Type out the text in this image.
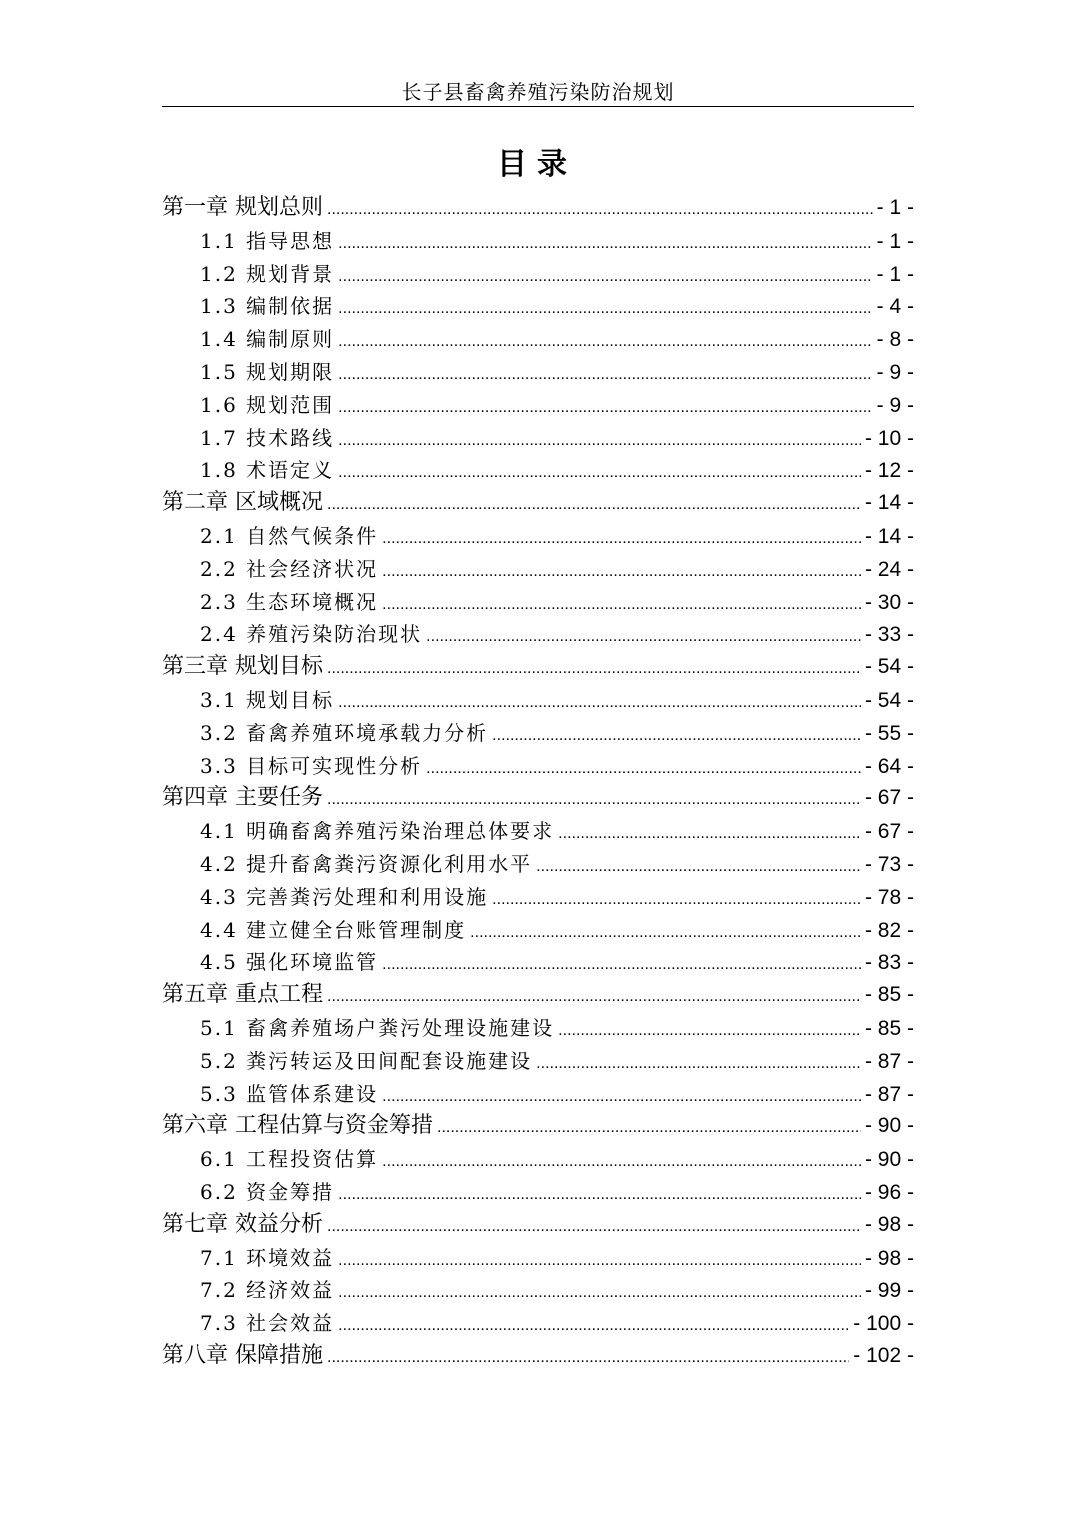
长子县畜禽养殖污染防治规划
目录
第一章 规划总则 .....	- 1 -
1.1 指导思想 .....	- 1 -
1.2 规划背景 .....	- 1 -
1.3 编制依据 .....	- 4 -
1.4 编制原则 .....	- 8 -
1.5 规划期限 .....	- 9 -
1.6 规划范围 .....	- 9 -
1.7 技术路线 .....	- 10 -
1.8 术语定义 .....	- 12 -
第二章 区域概况 .....	- 14 -
2.1 自然气候条件 .....	- 14 -
2.2 社会经济状况 .....	- 24 -
2.3 生态环境概况 .....	- 30 -
2.4 养殖污染防治现状 .....	- 33 -
第三章 规划目标 .....	- 54 -
3.1 规划目标 .....	- 54 -
3.2 畜禽养殖环境承载力分析 .....	- 55 -
3.3 目标可实现性分析 .....	- 64 -
第四章 主要任务 .....	- 67 -
4.1 明确畜禽养殖污染治理总体要求 .....	- 67 -
4.2 提升畜禽粪污资源化利用水平 .....	- 73 -
4.3 完善粪污处理和利用设施 .....	- 78 -
4.4 建立健全台账管理制度 .....	- 82 -
4.5 强化环境监管 .....	- 83 -
第五章 重点工程 .....	- 85 -
5.1 畜禽养殖场户粪污处理设施建设 .....	- 85 -
5.2 粪污转运及田间配套设施建设 .....	- 87 -
5.3 监管体系建设 .....	- 87 -
第六章 工程估算与资金筹措 .....	- 90 -
6.1 工程投资估算 .....	- 90 -
6.2 资金筹措 .....	- 96 -
第七章 效益分析 .....	- 98 -
7.1 环境效益 .....	- 98 -
7.2 经济效益 .....	- 99 -
7.3 社会效益 .....	- 100 -
第八章 保障措施 .....	- 102 -
